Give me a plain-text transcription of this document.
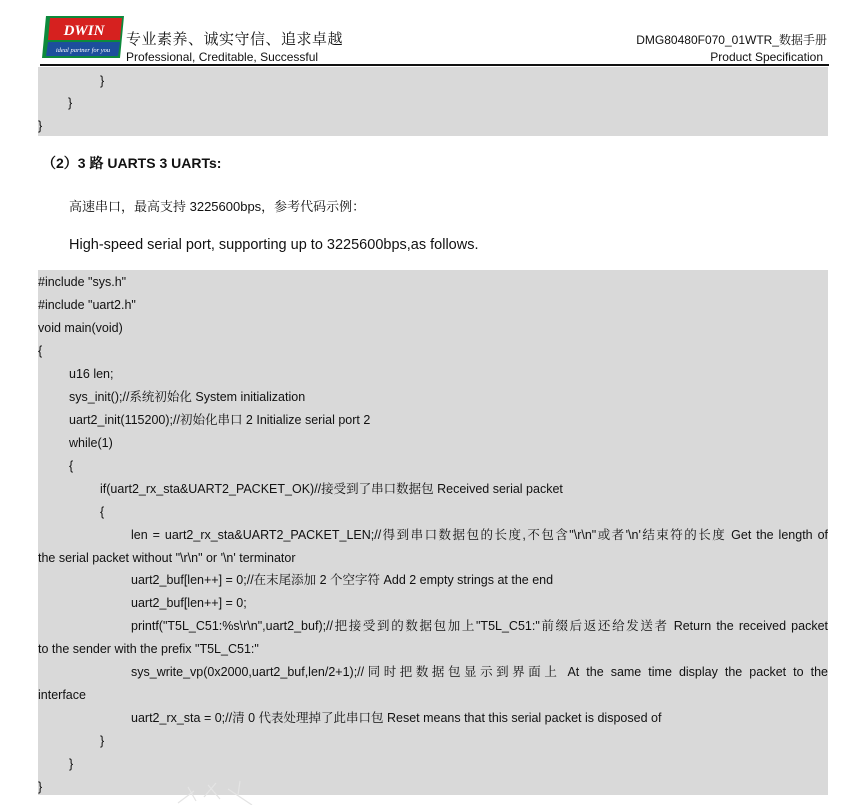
DWIN
ideal partner for you
专业素养、诚实守信、追求卓越
Professional, Creditable, Successful
DMG80480F070_01WTR_数据手册
Product Specification
}
}
}
（2）3 路 UARTS 3 UARTs:
高速串口，最高支持 3225600bps，参考代码示例：
High-speed serial port, supporting up to 3225600bps,as follows.
#include "sys.h"
#include "uart2.h"
void main(void)
{
u16 len;
sys_init();//系统初始化 System initialization
uart2_init(115200);//初始化串口 2 Initialize serial port 2
while(1)
{
if(uart2_rx_sta&UART2_PACKET_OK)//接受到了串口数据包 Received serial packet
{
len = uart2_rx_sta&UART2_PACKET_LEN;//得到串口数据包的长度,不包含"\r\n"或者'\n'结束符的长度 Get the length of
the serial packet without "\r\n" or '\n' terminator
uart2_buf[len++] = 0;//在末尾添加 2 个空字符 Add 2 empty strings at the end
uart2_buf[len++] = 0;
printf("T5L_C51:%s\r\n",uart2_buf);//把接受到的数据包加上"T5L_C51:"前缀后返还给发送者 Return the received packet
to the sender with the prefix "T5L_C51:"
sys_write_vp(0x2000,uart2_buf,len/2+1);//同时把数据包显示到界面上 At the same time display the packet to the
interface
uart2_rx_sta = 0;//清 0 代表处理掉了此串口包 Reset means that this serial packet is disposed of
}
}
}
